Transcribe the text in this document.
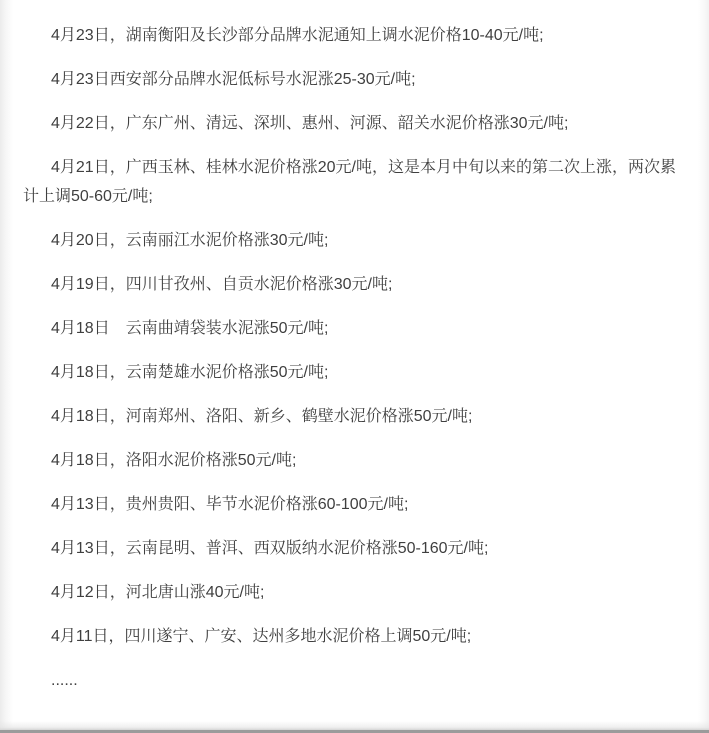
4月23日，湖南衡阳及长沙部分品牌水泥通知上调水泥价格10-40元/吨;

4月23日西安部分品牌水泥低标号水泥涨25-30元/吨;

4月22日，广东广州、清远、深圳、惠州、河源、韶关水泥价格涨30元/吨;

4月21日，广西玉林、桂林水泥价格涨20元/吨，这是本月中旬以来的第二次上涨，两次累计上调50-60元/吨;

4月20日，云南丽江水泥价格涨30元/吨;

4月19日，四川甘孜州、自贡水泥价格涨30元/吨;

4月18日　云南曲靖袋装水泥涨50元/吨;

4月18日，云南楚雄水泥价格涨50元/吨;

4月18日，河南郑州、洛阳、新乡、鹤壁水泥价格涨50元/吨;

4月18日，洛阳水泥价格涨50元/吨;

4月13日，贵州贵阳、毕节水泥价格涨60-100元/吨;

4月13日，云南昆明、普洱、西双版纳水泥价格涨50-160元/吨;

4月12日，河北唐山涨40元/吨;

4月11日，四川遂宁、广安、达州多地水泥价格上调50元/吨;

......
